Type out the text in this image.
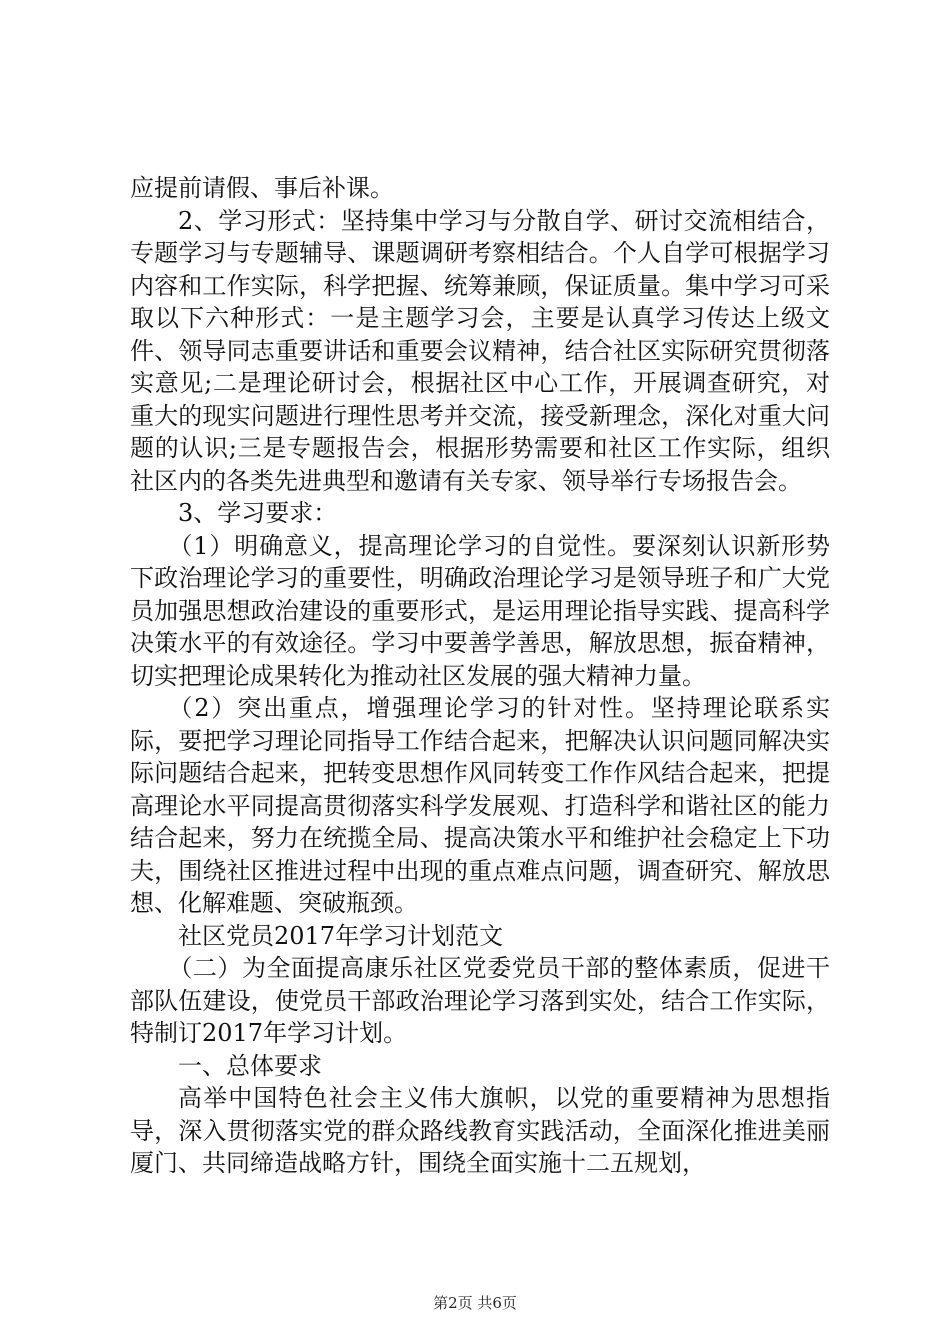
应提前请假、事后补课。

2、学习形式：坚持集中学习与分散自学、研讨交流相结合，专题学习与专题辅导、课题调研考察相结合。个人自学可根据学习内容和工作实际，科学把握、统筹兼顾，保证质量。集中学习可采取以下六种形式：一是主题学习会，主要是认真学习传达上级文件、领导同志重要讲话和重要会议精神，结合社区实际研究贯彻落实意见;二是理论研讨会，根据社区中心工作，开展调查研究，对重大的现实问题进行理性思考并交流，接受新理念，深化对重大问题的认识;三是专题报告会，根据形势需要和社区工作实际，组织社区内的各类先进典型和邀请有关专家、领导举行专场报告会。

3、学习要求：

（1）明确意义，提高理论学习的自觉性。要深刻认识新形势下政治理论学习的重要性，明确政治理论学习是领导班子和广大党员加强思想政治建设的重要形式，是运用理论指导实践、提高科学决策水平的有效途径。学习中要善学善思，解放思想，振奋精神，切实把理论成果转化为推动社区发展的强大精神力量。

（2）突出重点，增强理论学习的针对性。坚持理论联系实际，要把学习理论同指导工作结合起来，把解决认识问题同解决实际问题结合起来，把转变思想作风同转变工作作风结合起来，把提高理论水平同提高贯彻落实科学发展观、打造科学和谐社区的能力结合起来，努力在统揽全局、提高决策水平和维护社会稳定上下功夫，围绕社区推进过程中出现的重点难点问题，调查研究、解放思想、化解难题、突破瓶颈。

社区党员2017年学习计划范文

（二）为全面提高康乐社区党委党员干部的整体素质，促进干部队伍建设，使党员干部政治理论学习落到实处，结合工作实际，特制订2017年学习计划。

一、总体要求

高举中国特色社会主义伟大旗帜，以党的重要精神为思想指导，深入贯彻落实党的群众路线教育实践活动，全面深化推进美丽厦门、共同缔造战略方针，围绕全面实施十二五规划，

第2页 共6页
